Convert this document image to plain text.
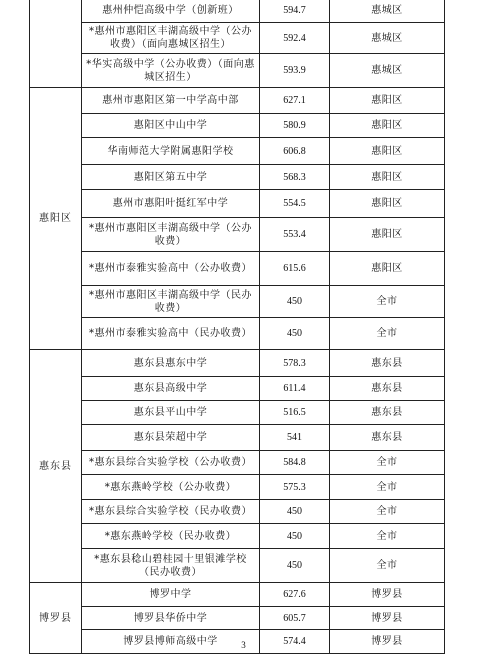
	惠州仲恺高级中学（创新班）	594.7	惠城区
	*惠州市惠阳区丰湖高级中学（公办收费）（面向惠城区招生）	592.4	惠城区
	*华实高级中学（公办收费）（面向惠城区招生）	593.9	惠城区
惠阳区	惠州市惠阳区第一中学高中部	627.1	惠阳区
	惠阳区中山中学	580.9	惠阳区
	华南师范大学附属惠阳学校	606.8	惠阳区
	惠阳区第五中学	568.3	惠阳区
	惠州市惠阳叶挺红军中学	554.5	惠阳区
	*惠州市惠阳区丰湖高级中学（公办收费）	553.4	惠阳区
	*惠州市泰雅实验高中（公办收费）	615.6	惠阳区
	*惠州市惠阳区丰湖高级中学（民办收费）	450	全市
	*惠州市泰雅实验高中（民办收费）	450	全市
惠东县	惠东县惠东中学	578.3	惠东县
	惠东县高级中学	611.4	惠东县
	惠东县平山中学	516.5	惠东县
	惠东县荣超中学	541	惠东县
	*惠东县综合实验学校（公办收费）	584.8	全市
	*惠东燕岭学校（公办收费）	575.3	全市
	*惠东县综合实验学校（民办收费）	450	全市
	*惠东燕岭学校（民办收费）	450	全市
	*惠东县稔山碧桂园十里银滩学校（民办收费）	450	全市
博罗县	博罗中学	627.6	博罗县
	博罗县华侨中学	605.7	博罗县
	博罗县博师高级中学	574.4	博罗县
3
